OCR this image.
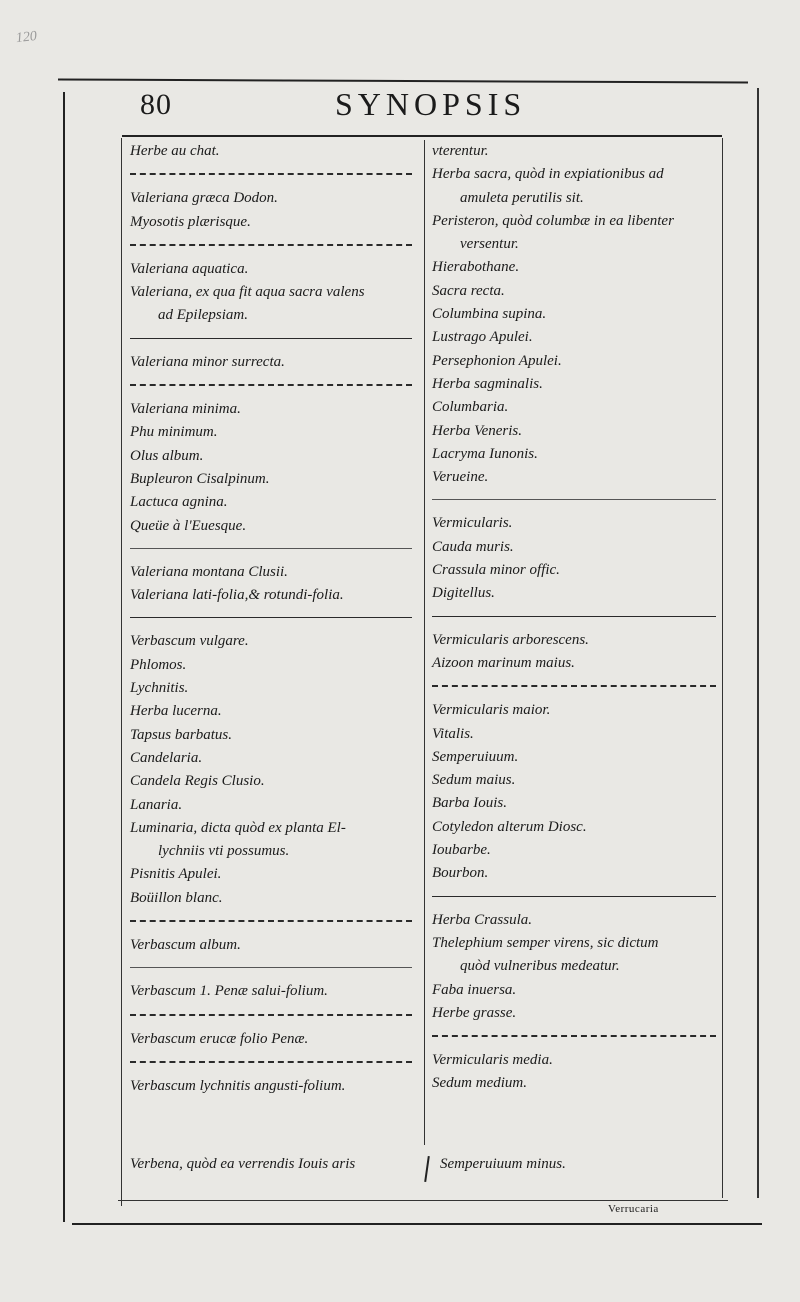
120
80	SYNOPSIS
Herbe au chat.
Valeriana græca Dodon.
Myosotis plærisque.
Valeriana aquatica.
Valeriana, ex qua fit aqua sacra valens
ad Epilepsiam.
Valeriana minor surrecta.
Valeriana minima.
Phu minimum.
Olus album.
Bupleuron Cisalpinum.
Lactuca agnina.
Queüe à l'Euesque.
Valeriana montana Clusii.
Valeriana lati-folia,& rotundi-folia.
Verbascum vulgare.
Phlomos.
Lychnitis.
Herba lucerna.
Tapsus barbatus.
Candelaria.
Candela Regis Clusio.
Lanaria.
Luminaria, dicta quòd ex planta El-
lychniis vti possumus.
Pisnitis Apulei.
Boüillon blanc.
Verbascum album.
Verbascum 1. Penæ salui-folium.
Verbascum erucæ folio Penæ.
Verbascum lychnitis angusti-folium.
vterentur.
Herba sacra, quòd in expiationibus ad
amuleta perutilis sit.
Peristeron, quòd columbæ in ea libenter
versentur.
Hierabothane.
Sacra recta.
Columbina supina.
Lustrago Apulei.
Persephonion Apulei.
Herba sagminalis.
Columbaria.
Herba Veneris.
Lacryma Iunonis.
Verueine.
Vermicularis.
Cauda muris.
Crassula minor offic.
Digitellus.
Vermicularis arborescens.
Aizoon marinum maius.
Vermicularis maior.
Vitalis.
Semperuiuum.
Sedum maius.
Barba Iouis.
Cotyledon alterum Diosc.
Ioubarbe.
Bourbon.
Herba Crassula.
Thelephium semper virens, sic dictum
quòd vulneribus medeatur.
Faba inuersa.
Herbe grasse.
Vermicularis media.
Sedum medium.
Verbena, quòd ea verrendis Iouis aris	Semperuiuum minus.
Verrucaria
